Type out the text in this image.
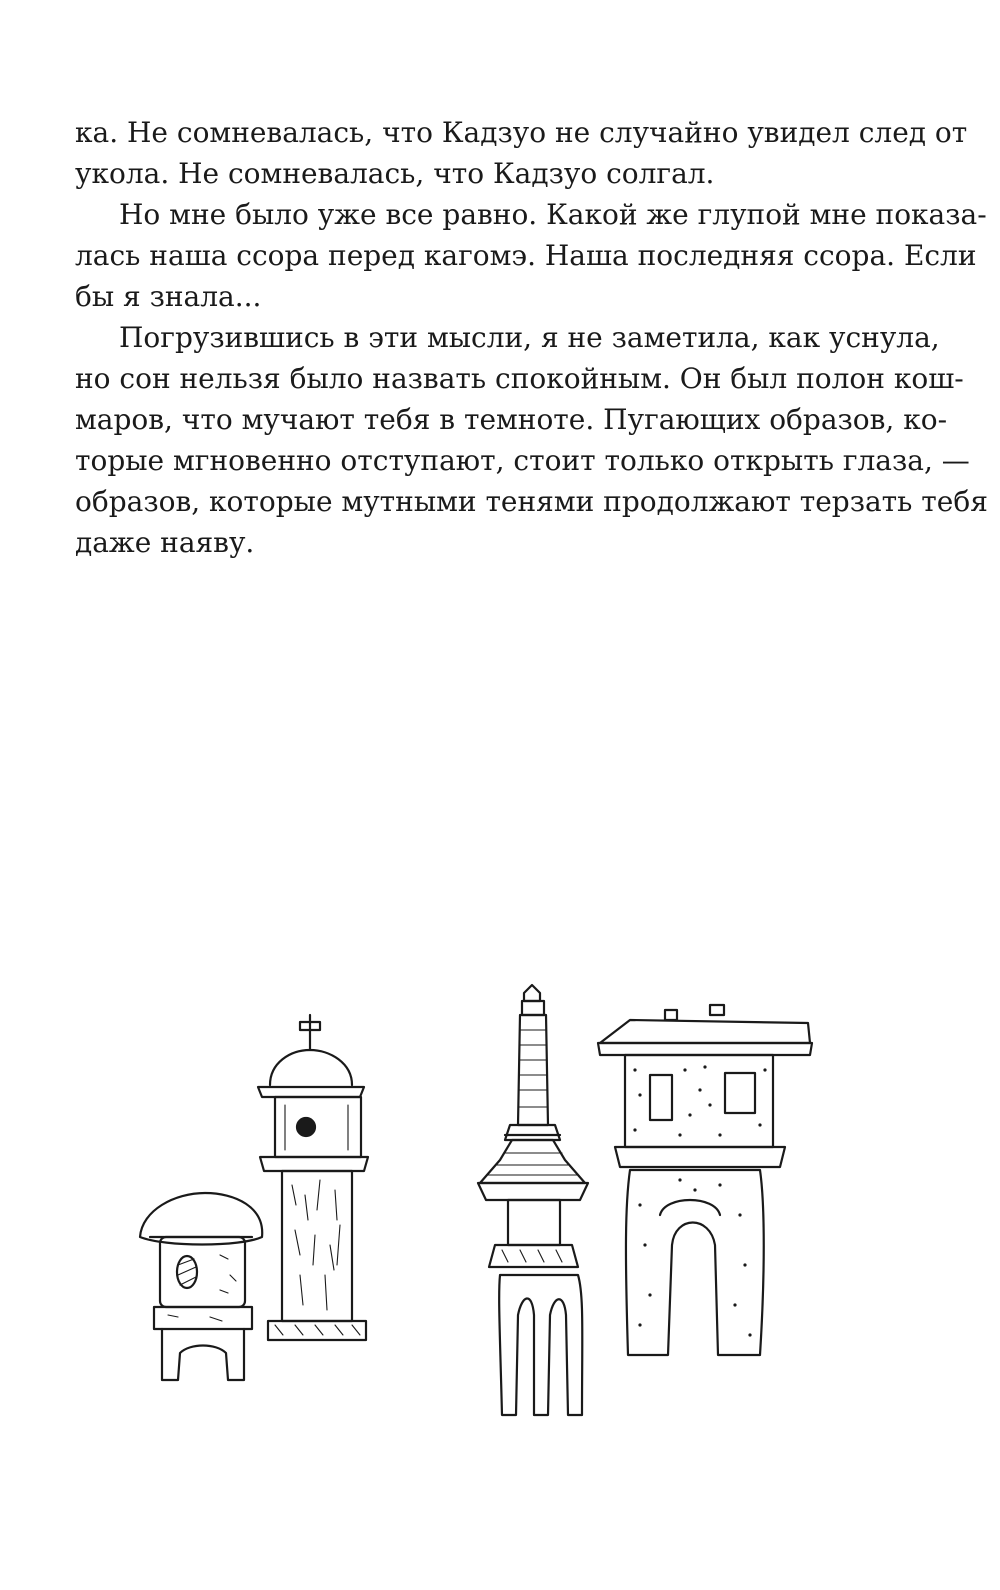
ка. Не сомневалась, что Кадзуо не случайно увидел след от
укола. Не сомневалась, что Кадзуо солгал.
Но мне было уже все равно. Какой же глупой мне показа-
лась наша ссора перед кагомэ. Наша последняя ссора. Если
бы я знала...
Погрузившись в эти мысли, я не заметила, как уснула,
но сон нельзя было назвать спокойным. Он был полон кош-
маров, что мучают тебя в темноте. Пугающих образов, ко-
торые мгновенно отступают, стоит только открыть глаза, —
образов, которые мутными тенями продолжают терзать тебя
даже наяву.
